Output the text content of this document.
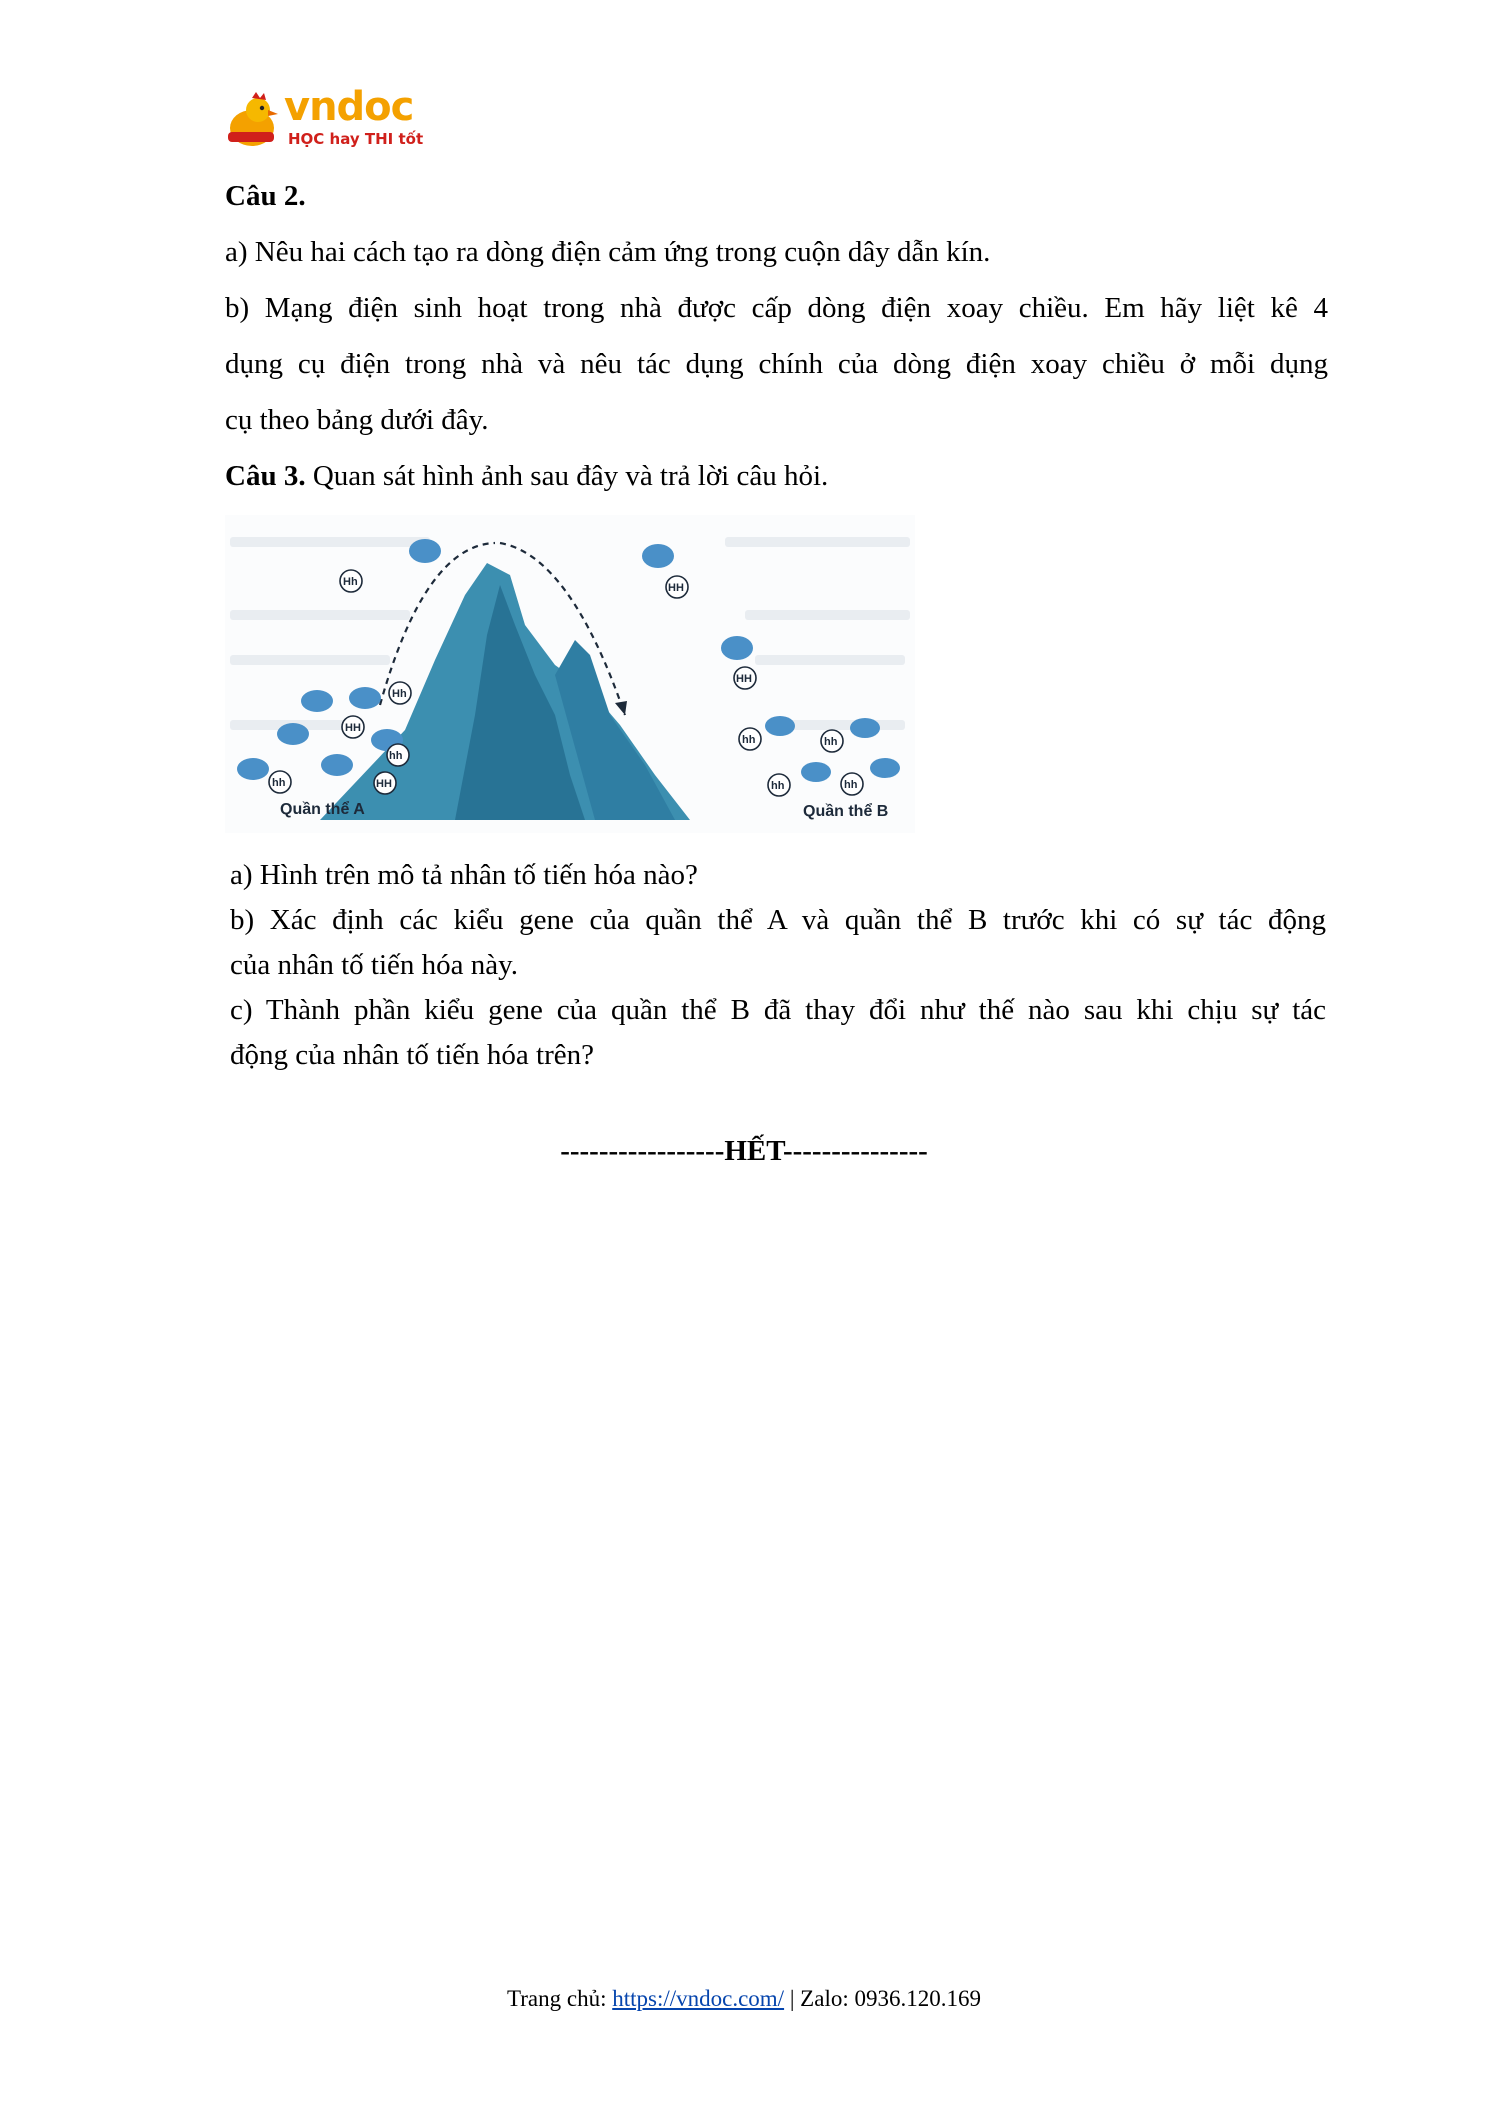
vndoc
HỌC hay THI tốt
Câu 2.
a) Nêu hai cách tạo ra dòng điện cảm ứng trong cuộn dây dẫn kín.
b) Mạng điện sinh hoạt trong nhà được cấp dòng điện xoay chiều. Em hãy liệt kê 4
dụng cụ điện trong nhà và nêu tác dụng chính của dòng điện xoay chiều ở mỗi dụng
cụ theo bảng dưới đây.
Câu 3. Quan sát hình ảnh sau đây và trả lời câu hỏi.
HH
Hh
hh
hh	HH
Hh	HH
HH
hh	hh
hh	hh
Quần thể A	Quần thể B
a) Hình trên mô tả nhân tố tiến hóa nào?
b) Xác định các kiểu gene của quần thể A và quần thể B trước khi có sự tác động
của nhân tố tiến hóa này.
c) Thành phần kiểu gene của quần thể B đã thay đổi như thế nào sau khi chịu sự tác
động của nhân tố tiến hóa trên?
-----------------HẾT---------------
Trang chủ: https://vndoc.com/ | Zalo: 0936.120.169
